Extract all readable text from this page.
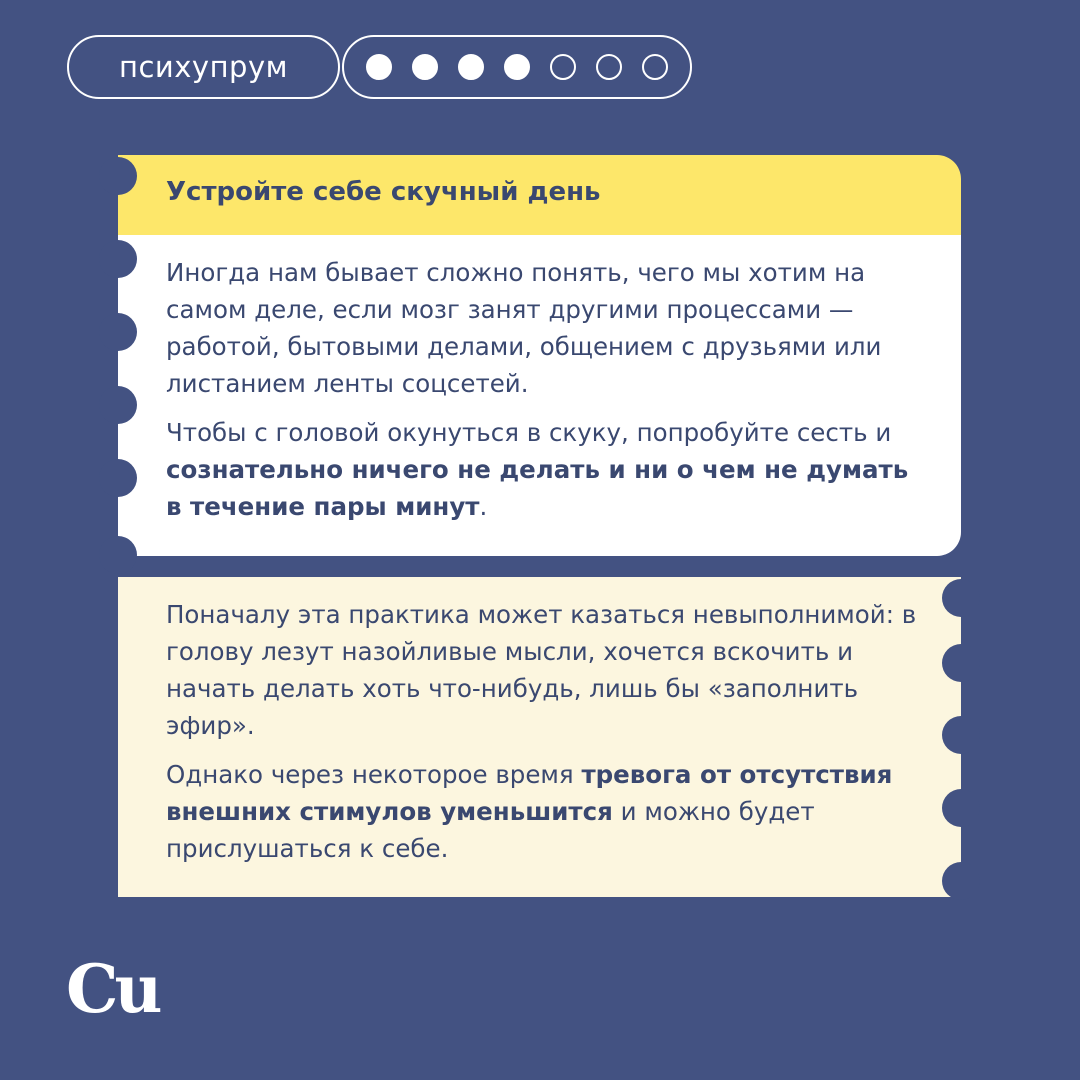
психупрум
Устройте себе скучный день

Иногда нам бывает сложно понять, чего мы хотим на самом деле, если мозг занят другими процессами — работой, бытовыми делами, общением с друзьями или листанием ленты соцсетей.

Чтобы с головой окунуться в скуку, попробуйте сесть и сознательно ничего не делать и ни о чем не думать в течение пары минут.

Поначалу эта практика может казаться невыполнимой: в голову лезут назойливые мысли, хочется вскочить и начать делать хоть что-нибудь, лишь бы «заполнить эфир».

Однако через некоторое время тревога от отсутствия внешних стимулов уменьшится и можно будет прислушаться к себе.

Cu
